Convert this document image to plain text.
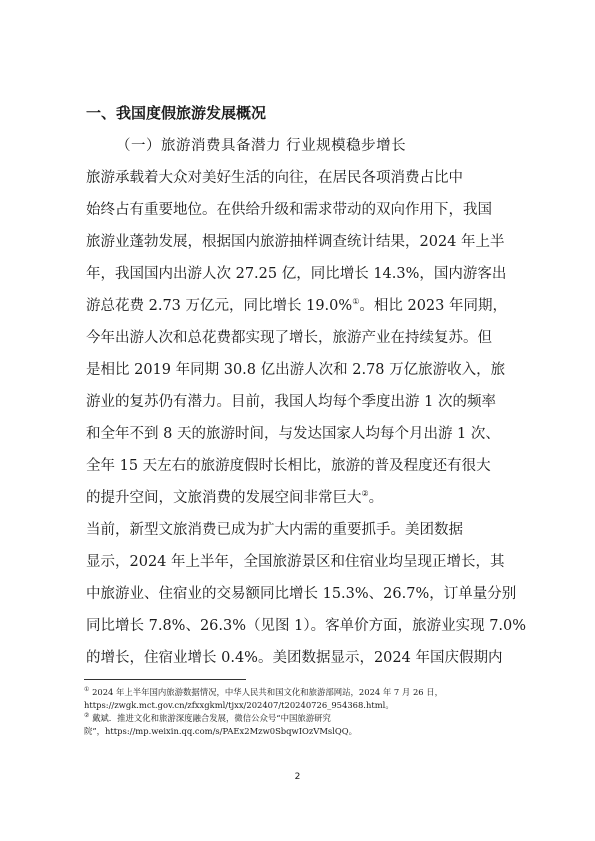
一、我国度假旅游发展概况
（一）旅游消费具备潜力 行业规模稳步增长
旅游承载着大众对美好生活的向往，在居民各项消费占比中
始终占有重要地位。在供给升级和需求带动的双向作用下，我国
旅游业蓬勃发展，根据国内旅游抽样调查统计结果，2024 年上半
年，我国国内出游人次 27.25 亿，同比增长 14.3%，国内游客出
游总花费 2.73 万亿元，同比增长 19.0%①。相比 2023 年同期，
今年出游人次和总花费都实现了增长，旅游产业在持续复苏。但
是相比 2019 年同期 30.8 亿出游人次和 2.78 万亿旅游收入，旅
游业的复苏仍有潜力。目前，我国人均每个季度出游 1 次的频率
和全年不到 8 天的旅游时间，与发达国家人均每个月出游 1 次、
全年 15 天左右的旅游度假时长相比，旅游的普及程度还有很大
的提升空间，文旅消费的发展空间非常巨大②。
当前，新型文旅消费已成为扩大内需的重要抓手。美团数据
显示，2024 年上半年，全国旅游景区和住宿业均呈现正增长，其
中旅游业、住宿业的交易额同比增长 15.3%、26.7%，订单量分别
同比增长 7.8%、26.3%（见图 1）。客单价方面，旅游业实现 7.0%
的增长，住宿业增长 0.4%。美团数据显示，2024 年国庆假期内
① 2024 年上半年国内旅游数据情况，中华人民共和国文化和旅游部网站，2024 年 7 月 26 日，
https://zwgk.mct.gov.cn/zfxxgkml/tjxx/202407/t20240726_954368.html。
② 戴斌．推进文化和旅游深度融合发展，微信公众号“中国旅游研究
院”，https://mp.weixin.qq.com/s/PAEx2Mzw0SbqwIOzVMslQQ。
2
